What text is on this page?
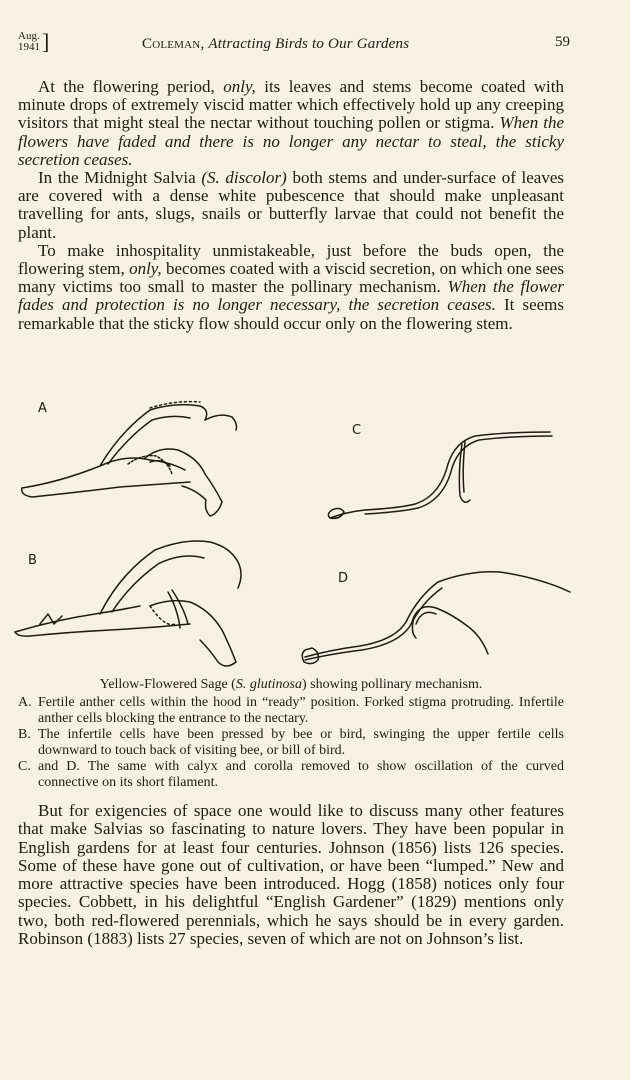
Aug.
1941 ]	Coleman, Attracting Birds to Our Gardens	59

At the flowering period, only, its leaves and stems become coated with minute drops of extremely viscid matter which effectively hold up any creeping visitors that might steal the nectar without touching pollen or stigma. When the flowers have faded and there is no longer any nectar to steal, the sticky secretion ceases.

In the Midnight Salvia (S. discolor) both stems and under-surface of leaves are covered with a dense white pubescence that should make unpleasant travelling for ants, slugs, snails or butterfly larvae that could not benefit the plant.

To make inhospitality unmistakeable, just before the buds open, the flowering stem, only, becomes coated with a viscid secretion, on which one sees many victims too small to master the pollinary mechanism. When the flower fades and protection is no longer necessary, the secretion ceases. It seems remarkable that the sticky flow should occur only on the flowering stem.

A
C
B
D
Yellow-Flowered Sage (S. glutinosa) showing pollinary mechanism.
A. Fertile anther cells within the hood in “ready” position. Forked stigma protruding. Infertile anther cells blocking the entrance to the nectary.
B. The infertile cells have been pressed by bee or bird, swinging the upper fertile cells downward to touch back of visiting bee, or bill of bird.
C. and D. The same with calyx and corolla removed to show oscillation of the curved connective on its short filament.

But for exigencies of space one would like to discuss many other features that make Salvias so fascinating to nature lovers. They have been popular in English gardens for at least four centuries. Johnson (1856) lists 126 species. Some of these have gone out of cultivation, or have been “lumped.” New and more attractive species have been introduced. Hogg (1858) notices only four species. Cobbett, in his delightful “English Gardener” (1829) mentions only two, both red-flowered perennials, which he says should be in every garden. Robinson (1883) lists 27 species, seven of which are not on Johnson’s list.
